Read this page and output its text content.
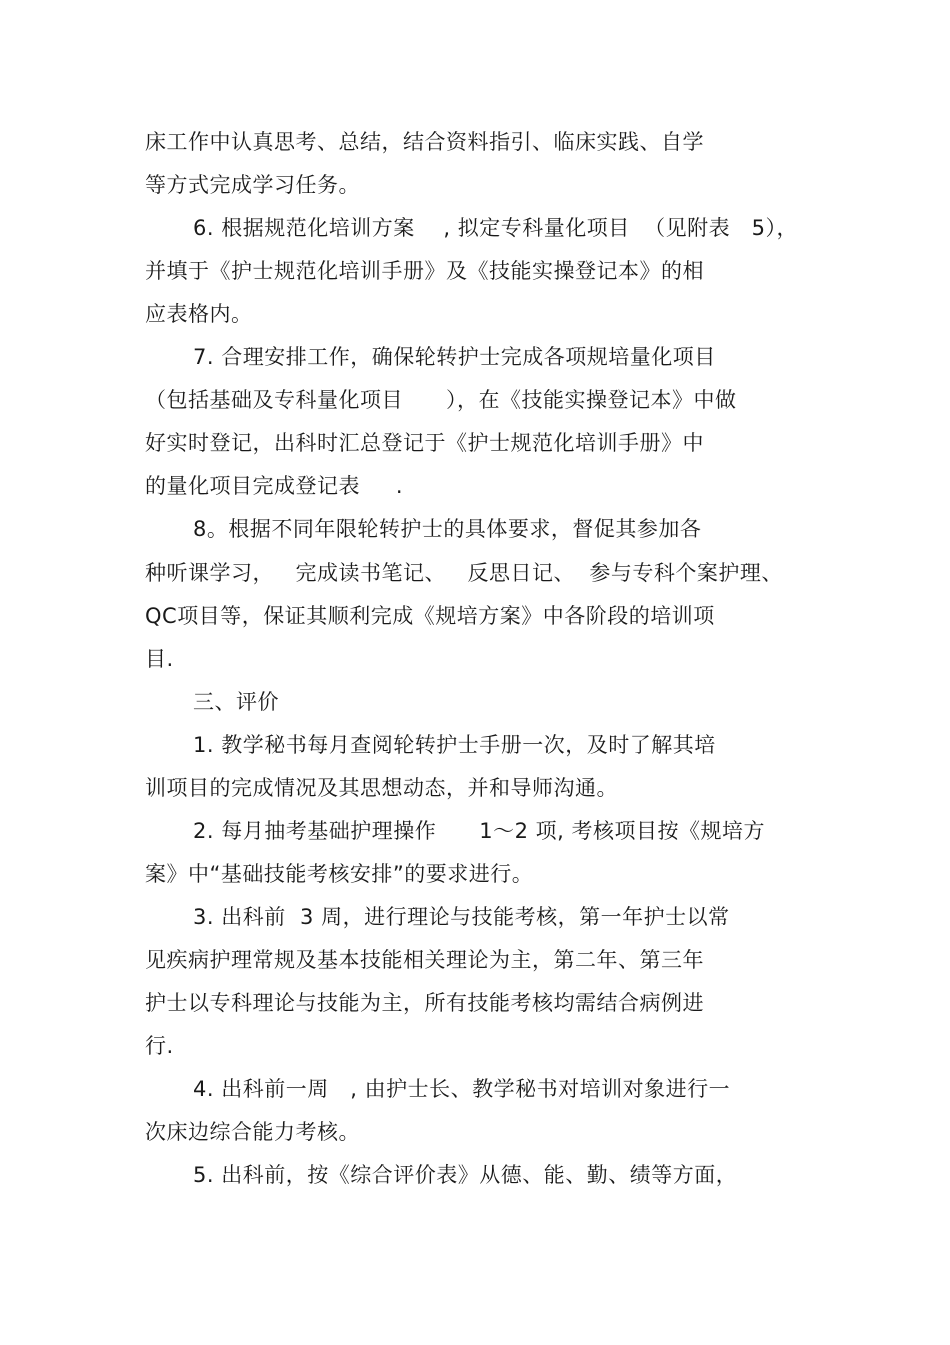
床工作中认真思考、总结，结合资料指引、临床实践、自学
等方式完成学习任务。
6. 根据规范化培训方案    , 拟定专科量化项目  （见附表   5），
并填于《护士规范化培训手册》及《技能实操登记本》的相
应表格内。
7. 合理安排工作，确保轮转护士完成各项规培量化项目
（包括基础及专科量化项目      ），在《技能实操登记本》中做
好实时登记，出科时汇总登记于《护士规范化培训手册》中
的量化项目完成登记表     .
8。根据不同年限轮转护士的具体要求，督促其参加各
种听课学习，   完成读书笔记、   反思日记、  参与专科个案护理、
QC项目等，保证其顺利完成《规培方案》中各阶段的培训项
目.
三、评价
1. 教学秘书每月查阅轮转护士手册一次，及时了解其培
训项目的完成情况及其思想动态，并和导师沟通。
2. 每月抽考基础护理操作      1～2 项, 考核项目按《规培方
案》中“基础技能考核安排”的要求进行。
3. 出科前  3 周，进行理论与技能考核，第一年护士以常
见疾病护理常规及基本技能相关理论为主，第二年、第三年
护士以专科理论与技能为主，所有技能考核均需结合病例进
行.
4. 出科前一周   , 由护士长、教学秘书对培训对象进行一
次床边综合能力考核。
5. 出科前，按《综合评价表》从德、能、勤、绩等方面，
